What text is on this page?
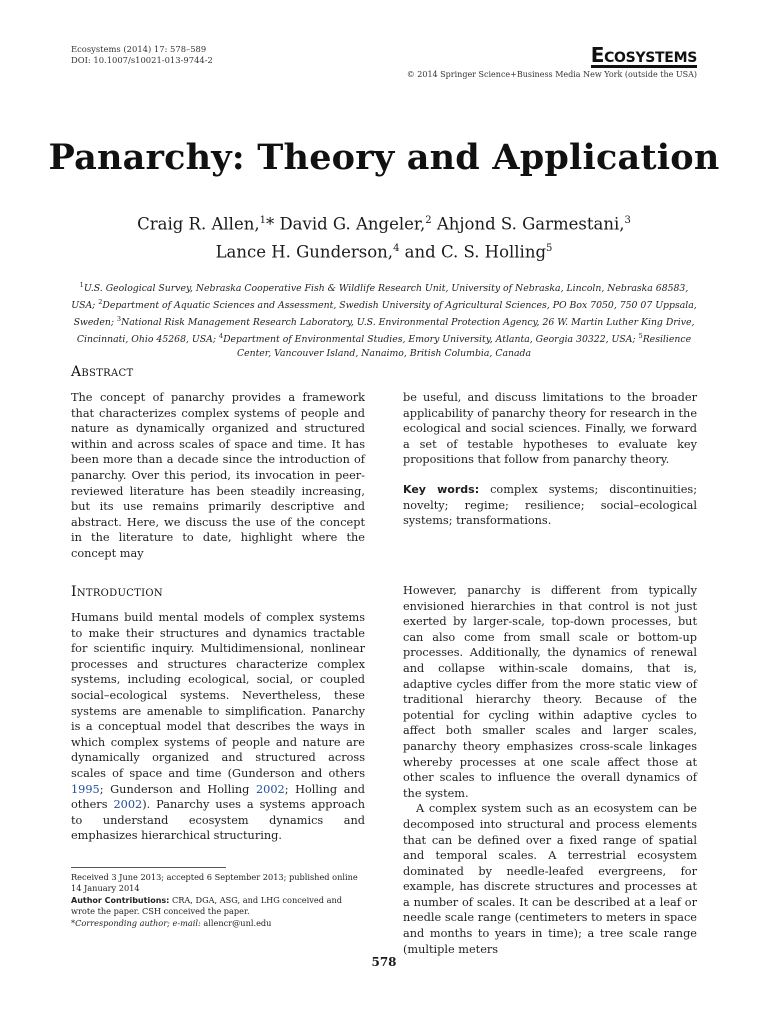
Ecosystems (2014) 17: 578–589
DOI: 10.1007/s10021-013-9744-2	Ecosystems
© 2014 Springer Science+Business Media New York (outside the USA)
Panarchy: Theory and Application
Craig R. Allen,$^1$* David G. Angeler,$^2$ Ahjond S. Garmestani,$^3$
Lance H. Gunderson,$^4$ and C. S. Holling$^5$
$^1$U.S. Geological Survey, Nebraska Cooperative Fish & Wildlife Research Unit, University of Nebraska, Lincoln, Nebraska 68583, USA; $^2$Department of Aquatic Sciences and Assessment, Swedish University of Agricultural Sciences, PO Box 7050, 750 07 Uppsala, Sweden; $^3$National Risk Management Research Laboratory, U.S. Environmental Protection Agency, 26 W. Martin Luther King Drive, Cincinnati, Ohio 45268, USA; $^4$Department of Environmental Studies, Emory University, Atlanta, Georgia 30322, USA; $^5$Resilience Center, Vancouver Island, Nanaimo, British Columbia, Canada
Abstract
The concept of panarchy provides a framework that characterizes complex systems of people and nature as dynamically organized and structured within and across scales of space and time. It has been more than a decade since the introduction of panarchy. Over this period, its invocation in peer-reviewed literature has been steadily increasing, but its use remains primarily descriptive and abstract. Here, we discuss the use of the concept in the literature to date, highlight where the concept may
be useful, and discuss limitations to the broader applicability of panarchy theory for research in the ecological and social sciences. Finally, we forward a set of testable hypotheses to evaluate key propositions that follow from panarchy theory.
Key words: complex systems; discontinuities; novelty; regime; resilience; social–ecological systems; transformations.
Introduction
Humans build mental models of complex systems to make their structures and dynamics tractable for scientific inquiry. Multidimensional, nonlinear processes and structures characterize complex systems, including ecological, social, or coupled social–ecological systems. Nevertheless, these systems are amenable to simplification. Panarchy is a conceptual model that describes the ways in which complex systems of people and nature are dynamically organized and structured across scales of space and time (Gunderson and others 1995; Gunderson and Holling 2002; Holling and others 2002). Panarchy uses a systems approach to understand ecosystem dynamics and emphasizes hierarchical structuring.

However, panarchy is different from typically envisioned hierarchies in that control is not just exerted by larger-scale, top-down processes, but can also come from small scale or bottom-up processes. Additionally, the dynamics of renewal and collapse within-scale domains, that is, adaptive cycles differ from the more static view of traditional hierarchy theory. Because of the potential for cycling within adaptive cycles to affect both smaller scales and larger scales, panarchy theory emphasizes cross-scale linkages whereby processes at one scale affect those at other scales to influence the overall dynamics of the system.

A complex system such as an ecosystem can be decomposed into structural and process elements that can be defined over a fixed range of spatial and temporal scales. A terrestrial ecosystem dominated by needle-leafed evergreens, for example, has discrete structures and processes at a number of scales. It can be described at a leaf or needle scale range (centimeters to meters in space and months to years in time); a tree scale range (multiple meters

Received 3 June 2013; accepted 6 September 2013; published online 14 January 2014

Author Contributions: CRA, DGA, ASG, and LHG conceived and wrote the paper. CSH conceived the paper.

*Corresponding author; e-mail: allencr@unl.edu

578
